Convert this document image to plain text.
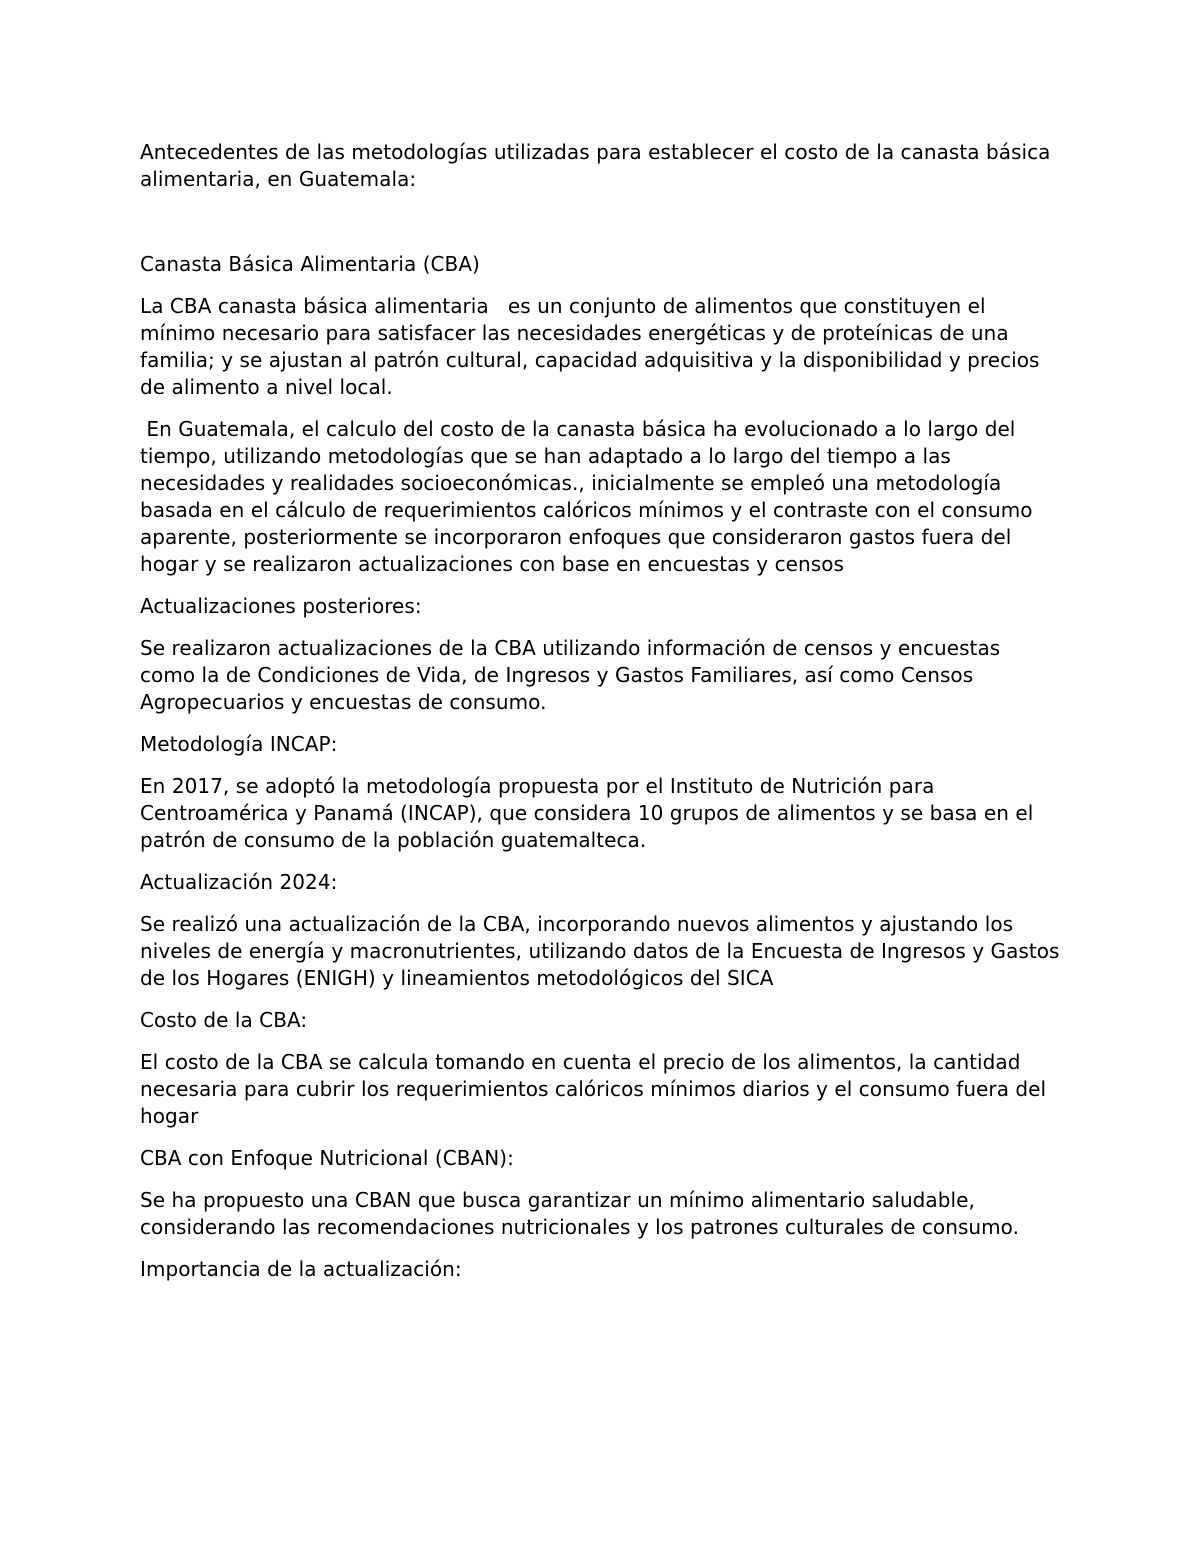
Antecedentes de las metodologías utilizadas para establecer el costo de la canasta básica alimentaria, en Guatemala:

Canasta Básica Alimentaria (CBA)

La CBA canasta básica alimentaria   es un conjunto de alimentos que constituyen el mínimo necesario para satisfacer las necesidades energéticas y de proteínicas de una familia; y se ajustan al patrón cultural, capacidad adquisitiva y la disponibilidad y precios de alimento a nivel local.

En Guatemala, el calculo del costo de la canasta básica ha evolucionado a lo largo del tiempo, utilizando metodologías que se han adaptado a lo largo del tiempo a las necesidades y realidades socioeconómicas., inicialmente se empleó una metodología basada en el cálculo de requerimientos calóricos mínimos y el contraste con el consumo aparente, posteriormente se incorporaron enfoques que consideraron gastos fuera del hogar y se realizaron actualizaciones con base en encuestas y censos

Actualizaciones posteriores:

Se realizaron actualizaciones de la CBA utilizando información de censos y encuestas como la de Condiciones de Vida, de Ingresos y Gastos Familiares, así como Censos Agropecuarios y encuestas de consumo.

Metodología INCAP:

En 2017, se adoptó la metodología propuesta por el Instituto de Nutrición para Centroamérica y Panamá (INCAP), que considera 10 grupos de alimentos y se basa en el patrón de consumo de la población guatemalteca.

Actualización 2024:

Se realizó una actualización de la CBA, incorporando nuevos alimentos y ajustando los niveles de energía y macronutrientes, utilizando datos de la Encuesta de Ingresos y Gastos de los Hogares (ENIGH) y lineamientos metodológicos del SICA

Costo de la CBA:

El costo de la CBA se calcula tomando en cuenta el precio de los alimentos, la cantidad necesaria para cubrir los requerimientos calóricos mínimos diarios y el consumo fuera del hogar

CBA con Enfoque Nutricional (CBAN):

Se ha propuesto una CBAN que busca garantizar un mínimo alimentario saludable, considerando las recomendaciones nutricionales y los patrones culturales de consumo.

Importancia de la actualización:
